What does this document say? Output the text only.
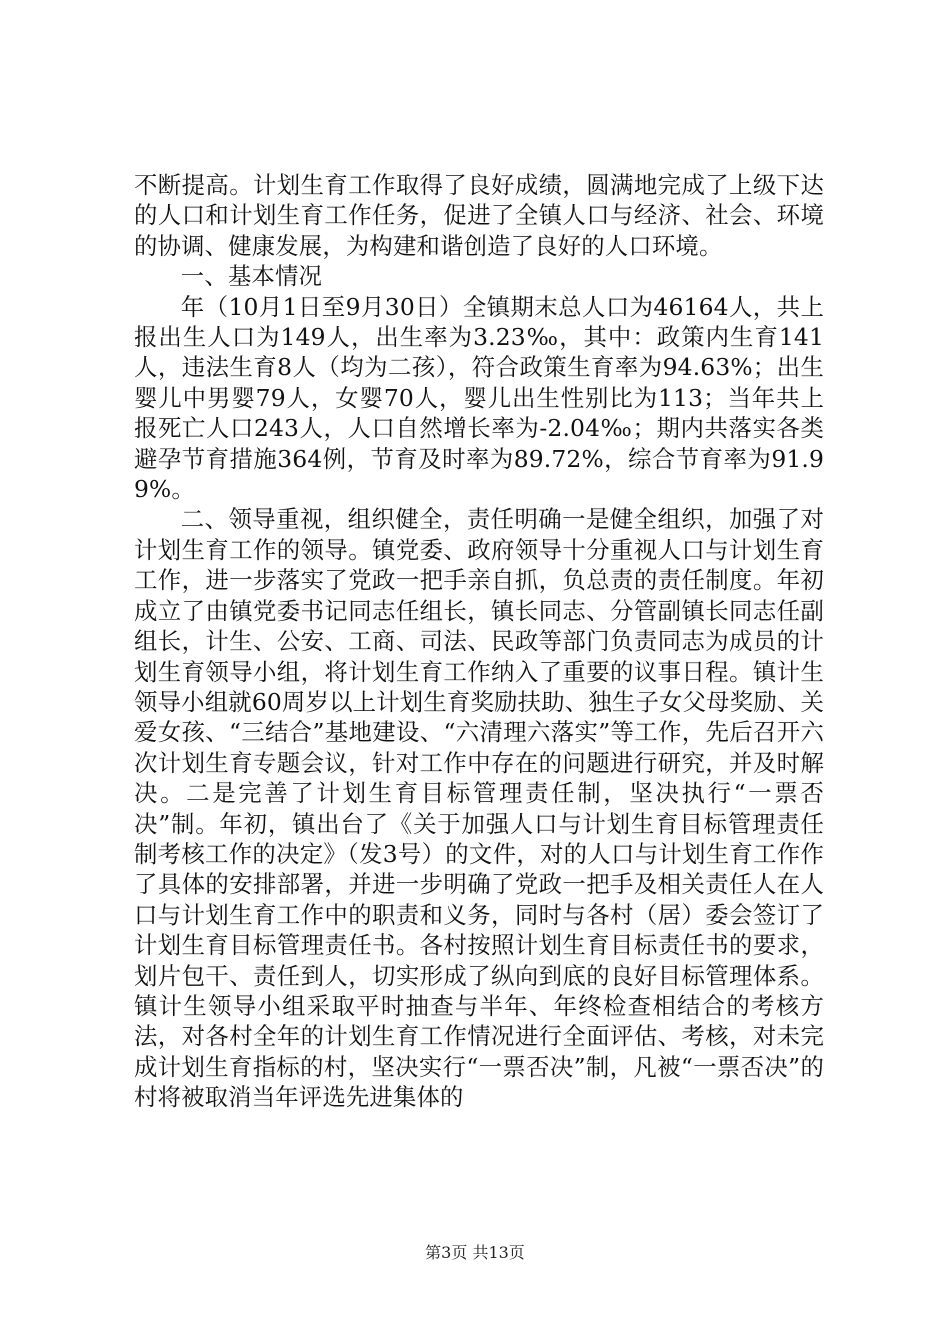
不断提高。计划生育工作取得了良好成绩，圆满地完成了上级下达的人口和计划生育工作任务，促进了全镇人口与经济、社会、环境的协调、健康发展，为构建和谐创造了良好的人口环境。

一、基本情况

年（10月1日至9月30日）全镇期末总人口为46164人，共上报出生人口为149人，出生率为3.23‰，其中：政策内生育141人，违法生育8人（均为二孩），符合政策生育率为94.63%；出生婴儿中男婴79人，女婴70人，婴儿出生性别比为113；当年共上报死亡人口243人，人口自然增长率为-2.04‰；期内共落实各类避孕节育措施364例，节育及时率为89.72%，综合节育率为91.99%。

二、领导重视，组织健全，责任明确一是健全组织，加强了对计划生育工作的领导。镇党委、政府领导十分重视人口与计划生育工作，进一步落实了党政一把手亲自抓，负总责的责任制度。年初成立了由镇党委书记同志任组长，镇长同志、分管副镇长同志任副组长，计生、公安、工商、司法、民政等部门负责同志为成员的计划生育领导小组，将计划生育工作纳入了重要的议事日程。镇计生领导小组就60周岁以上计划生育奖励扶助、独生子女父母奖励、关爱女孩、“三结合”基地建设、“六清理六落实”等工作，先后召开六次计划生育专题会议，针对工作中存在的问题进行研究，并及时解决。二是完善了计划生育目标管理责任制，坚决执行“一票否决”制。年初，镇出台了《关于加强人口与计划生育目标管理责任制考核工作的决定》（发3号）的文件，对的人口与计划生育工作作了具体的安排部署，并进一步明确了党政一把手及相关责任人在人口与计划生育工作中的职责和义务，同时与各村（居）委会签订了计划生育目标管理责任书。各村按照计划生育目标责任书的要求，划片包干、责任到人，切实形成了纵向到底的良好目标管理体系。镇计生领导小组采取平时抽查与半年、年终检查相结合的考核方法，对各村全年的计划生育工作情况进行全面评估、考核，对未完成计划生育指标的村，坚决实行“一票否决”制，凡被“一票否决”的村将被取消当年评选先进集体的

第3页 共13页
